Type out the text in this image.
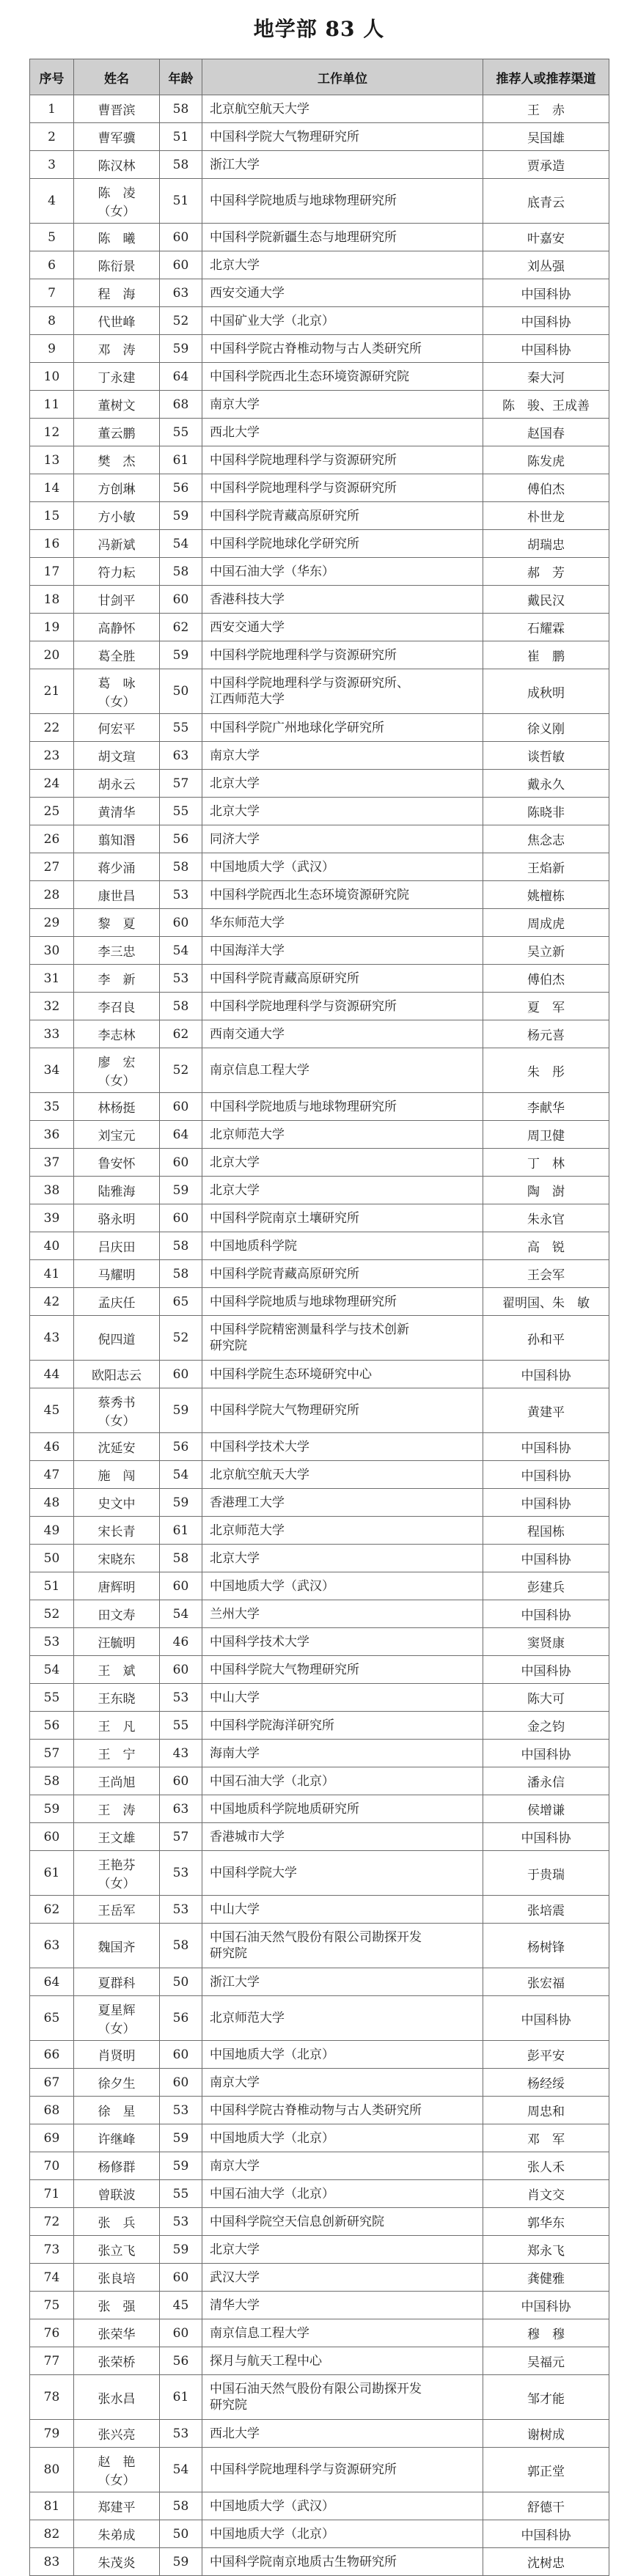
地学部 83 人
序号	姓名	年龄	工作单位	推荐人或推荐渠道
1	曹晋滨	58	北京航空航天大学	王　赤
2	曹军骥	51	中国科学院大气物理研究所	吴国雄
3	陈汉林	58	浙江大学	贾承造
4	陈　凌
（女）	51	中国科学院地质与地球物理研究所	底青云
5	陈　曦	60	中国科学院新疆生态与地理研究所	叶嘉安
6	陈衍景	60	北京大学	刘丛强
7	程　海	63	西安交通大学	中国科协
8	代世峰	52	中国矿业大学（北京）	中国科协
9	邓　涛	59	中国科学院古脊椎动物与古人类研究所	中国科协
10	丁永建	64	中国科学院西北生态环境资源研究院	秦大河
11	董树文	68	南京大学	陈　骏、王成善
12	董云鹏	55	西北大学	赵国春
13	樊　杰	61	中国科学院地理科学与资源研究所	陈发虎
14	方创琳	56	中国科学院地理科学与资源研究所	傅伯杰
15	方小敏	59	中国科学院青藏高原研究所	朴世龙
16	冯新斌	54	中国科学院地球化学研究所	胡瑞忠
17	符力耘	58	中国石油大学（华东）	郝　芳
18	甘剑平	60	香港科技大学	戴民汉
19	高静怀	62	西安交通大学	石耀霖
20	葛全胜	59	中国科学院地理科学与资源研究所	崔　鹏
21	葛　咏
（女）	50	中国科学院地理科学与资源研究所、
江西师范大学	成秋明
22	何宏平	55	中国科学院广州地球化学研究所	徐义刚
23	胡文瑄	63	南京大学	谈哲敏
24	胡永云	57	北京大学	戴永久
25	黄清华	55	北京大学	陈晓非
26	翦知湣	56	同济大学	焦念志
27	蒋少涌	58	中国地质大学（武汉）	王焰新
28	康世昌	53	中国科学院西北生态环境资源研究院	姚檀栋
29	黎　夏	60	华东师范大学	周成虎
30	李三忠	54	中国海洋大学	吴立新
31	李　新	53	中国科学院青藏高原研究所	傅伯杰
32	李召良	58	中国科学院地理科学与资源研究所	夏　军
33	李志林	62	西南交通大学	杨元喜
34	廖　宏
（女）	52	南京信息工程大学	朱　彤
35	林杨挺	60	中国科学院地质与地球物理研究所	李献华
36	刘宝元	64	北京师范大学	周卫健
37	鲁安怀	60	北京大学	丁　林
38	陆雅海	59	北京大学	陶　澍
39	骆永明	60	中国科学院南京土壤研究所	朱永官
40	吕庆田	58	中国地质科学院	高　锐
41	马耀明	58	中国科学院青藏高原研究所	王会军
42	孟庆任	65	中国科学院地质与地球物理研究所	翟明国、朱　敏
43	倪四道	52	中国科学院精密测量科学与技术创新
研究院	孙和平
44	欧阳志云	60	中国科学院生态环境研究中心	中国科协
45	蔡秀书
（女）	59	中国科学院大气物理研究所	黄建平
46	沈延安	56	中国科学技术大学	中国科协
47	施　闯	54	北京航空航天大学	中国科协
48	史文中	59	香港理工大学	中国科协
49	宋长青	61	北京师范大学	程国栋
50	宋晓东	58	北京大学	中国科协
51	唐辉明	60	中国地质大学（武汉）	彭建兵
52	田文寿	54	兰州大学	中国科协
53	汪毓明	46	中国科学技术大学	窦贤康
54	王　斌	60	中国科学院大气物理研究所	中国科协
55	王东晓	53	中山大学	陈大可
56	王　凡	55	中国科学院海洋研究所	金之钧
57	王　宁	43	海南大学	中国科协
58	王尚旭	60	中国石油大学（北京）	潘永信
59	王　涛	63	中国地质科学院地质研究所	侯增谦
60	王文雄	57	香港城市大学	中国科协
61	王艳芬
（女）	53	中国科学院大学	于贵瑞
62	王岳军	53	中山大学	张培震
63	魏国齐	58	中国石油天然气股份有限公司勘探开发
研究院	杨树锋
64	夏群科	50	浙江大学	张宏福
65	夏星辉
（女）	56	北京师范大学	中国科协
66	肖贤明	60	中国地质大学（北京）	彭平安
67	徐夕生	60	南京大学	杨经绥
68	徐　星	53	中国科学院古脊椎动物与古人类研究所	周忠和
69	许继峰	59	中国地质大学（北京）	邓　军
70	杨修群	59	南京大学	张人禾
71	曾联波	55	中国石油大学（北京）	肖文交
72	张　兵	53	中国科学院空天信息创新研究院	郭华东
73	张立飞	59	北京大学	郑永飞
74	张良培	60	武汉大学	龚健雅
75	张　强	45	清华大学	中国科协
76	张荣华	60	南京信息工程大学	穆　穆
77	张荣桥	56	探月与航天工程中心	吴福元
78	张水昌	61	中国石油天然气股份有限公司勘探开发
研究院	邹才能
79	张兴亮	53	西北大学	谢树成
80	赵　艳
（女）	54	中国科学院地理科学与资源研究所	郭正堂
81	郑建平	58	中国地质大学（武汉）	舒德干
82	朱弟成	50	中国地质大学（北京）	中国科协
83	朱茂炎	59	中国科学院南京地质古生物研究所	沈树忠
